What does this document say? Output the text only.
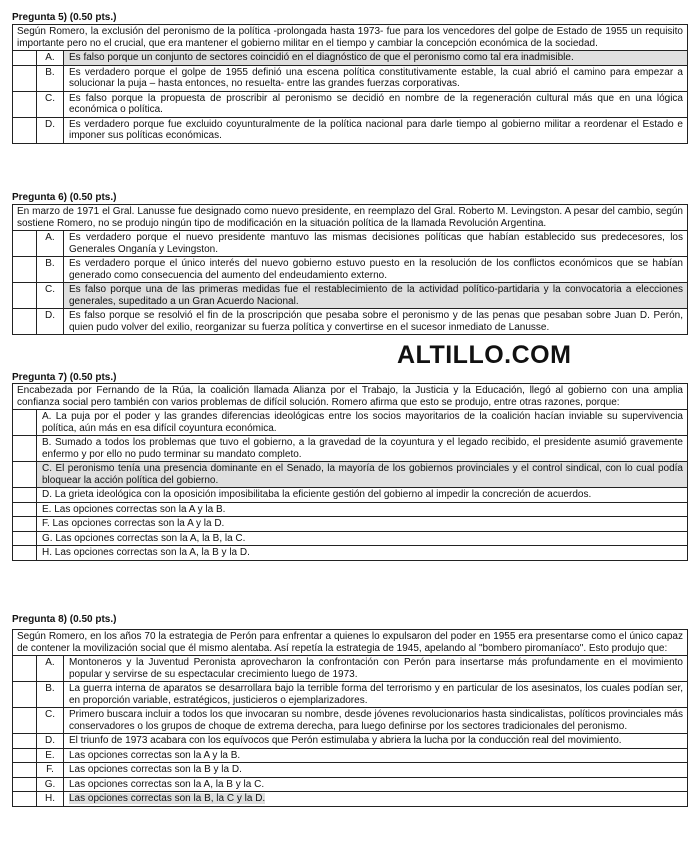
Pregunta 5) (0.50 pts.)
Según Romero, la exclusión del peronismo de la política -prolongada hasta 1973- fue para los vencedores del golpe de Estado de 1955 un requisito importante pero no el crucial, que era mantener el gobierno militar en el tiempo y cambiar la concepción económica de la sociedad.
	A.	Es falso porque un conjunto de sectores coincidió en el diagnóstico de que el peronismo como tal era inadmisible.
	B.	Es verdadero porque el golpe de 1955 definió una escena política constitutivamente estable, la cual abrió el camino para empezar a solucionar la puja – hasta entonces, no resuelta- entre las grandes fuerzas corporativas.
	C.	Es falso porque la propuesta de proscribir al peronismo se decidió en nombre de la regeneración cultural más que en una lógica económica o política.
	D.	Es verdadero porque fue excluido coyunturalmente de la política nacional para darle tiempo al gobierno militar a reordenar el Estado e imponer sus políticas económicas.
Pregunta 6) (0.50 pts.)
En marzo de 1971 el Gral. Lanusse fue designado como nuevo presidente, en reemplazo del Gral. Roberto M. Levingston. A pesar del cambio, según sostiene Romero, no se produjo ningún tipo de modificación en la situación política de la llamada Revolución Argentina.
	A.	Es verdadero porque el nuevo presidente mantuvo las mismas decisiones políticas que habían establecido sus predecesores, los Generales Onganía y Levingston.
	B.	Es verdadero porque el único interés del nuevo gobierno estuvo puesto en la resolución de los conflictos económicos que se habían generado como consecuencia del aumento del endeudamiento externo.
	C.	Es falso porque una de las primeras medidas fue el restablecimiento de la actividad político-partidaria y la convocatoria a elecciones generales, supeditado a un Gran Acuerdo Nacional.
	D.	Es falso porque se resolvió el fin de la proscripción que pesaba sobre el peronismo y de las penas que pesaban sobre Juan D. Perón, quien pudo volver del exilio, reorganizar su fuerza política y convertirse en el sucesor inmediato de Lanusse.
ALTILLO.COM
Pregunta 7) (0.50 pts.)
Encabezada por Fernando de la Rúa, la coalición llamada Alianza por el Trabajo, la Justicia y la Educación, llegó al gobierno con una amplia confianza social pero también con varios problemas de difícil solución. Romero afirma que esto se produjo, entre otras razones, porque:
	A. La puja por el poder y las grandes diferencias ideológicas entre los socios mayoritarios de la coalición hacían inviable su supervivencia política, aún más en esa difícil coyuntura económica.
	B. Sumado a todos los problemas que tuvo el gobierno, a la gravedad de la coyuntura y el legado recibido, el presidente asumió gravemente enfermo y por ello no pudo terminar su mandato completo.
	C. El peronismo tenía una presencia dominante en el Senado, la mayoría de los gobiernos provinciales y el control sindical, con lo cual podía bloquear la acción política del gobierno.
	D. La grieta ideológica con la oposición imposibilitaba la eficiente gestión del gobierno al impedir la concreción de acuerdos.
	E. Las opciones correctas son la A y la B.
	F. Las opciones correctas son la A y la D.
	G. Las opciones correctas son la A, la B, la C.
	H. Las opciones correctas son la A, la B y la D.
Pregunta 8) (0.50 pts.)
Según Romero, en los años 70 la estrategia de Perón para enfrentar a quienes lo expulsaron del poder en 1955 era presentarse como el único capaz de contener la movilización social que él mismo alentaba. Así repetía la estrategia de 1945, apelando al "bombero piromaníaco". Esto produjo que:
	A.	Montoneros y la Juventud Peronista aprovecharon la confrontación con Perón para insertarse más profundamente en el movimiento popular y servirse de su espectacular crecimiento luego de 1973.
	B.	La guerra interna de aparatos se desarrollara bajo la terrible forma del terrorismo y en particular de los asesinatos, los cuales podían ser, en proporción variable, estratégicos, justicieros o ejemplarizadores.
	C.	Primero buscara incluir a todos los que invocaran su nombre, desde jóvenes revolucionarios hasta sindicalistas, políticos provinciales más conservadores o los grupos de choque de extrema derecha, para luego definirse por los sectores tradicionales del peronismo.
	D.	El triunfo de 1973 acabara con los equívocos que Perón estimulaba y abriera la lucha por la conducción real del movimiento.
	E.	Las opciones correctas son la A y la B.
	F.	Las opciones correctas son la B y la D.
	G.	Las opciones correctas son la A, la B y la C.
	H.	Las opciones correctas son la B, la C y la D.
